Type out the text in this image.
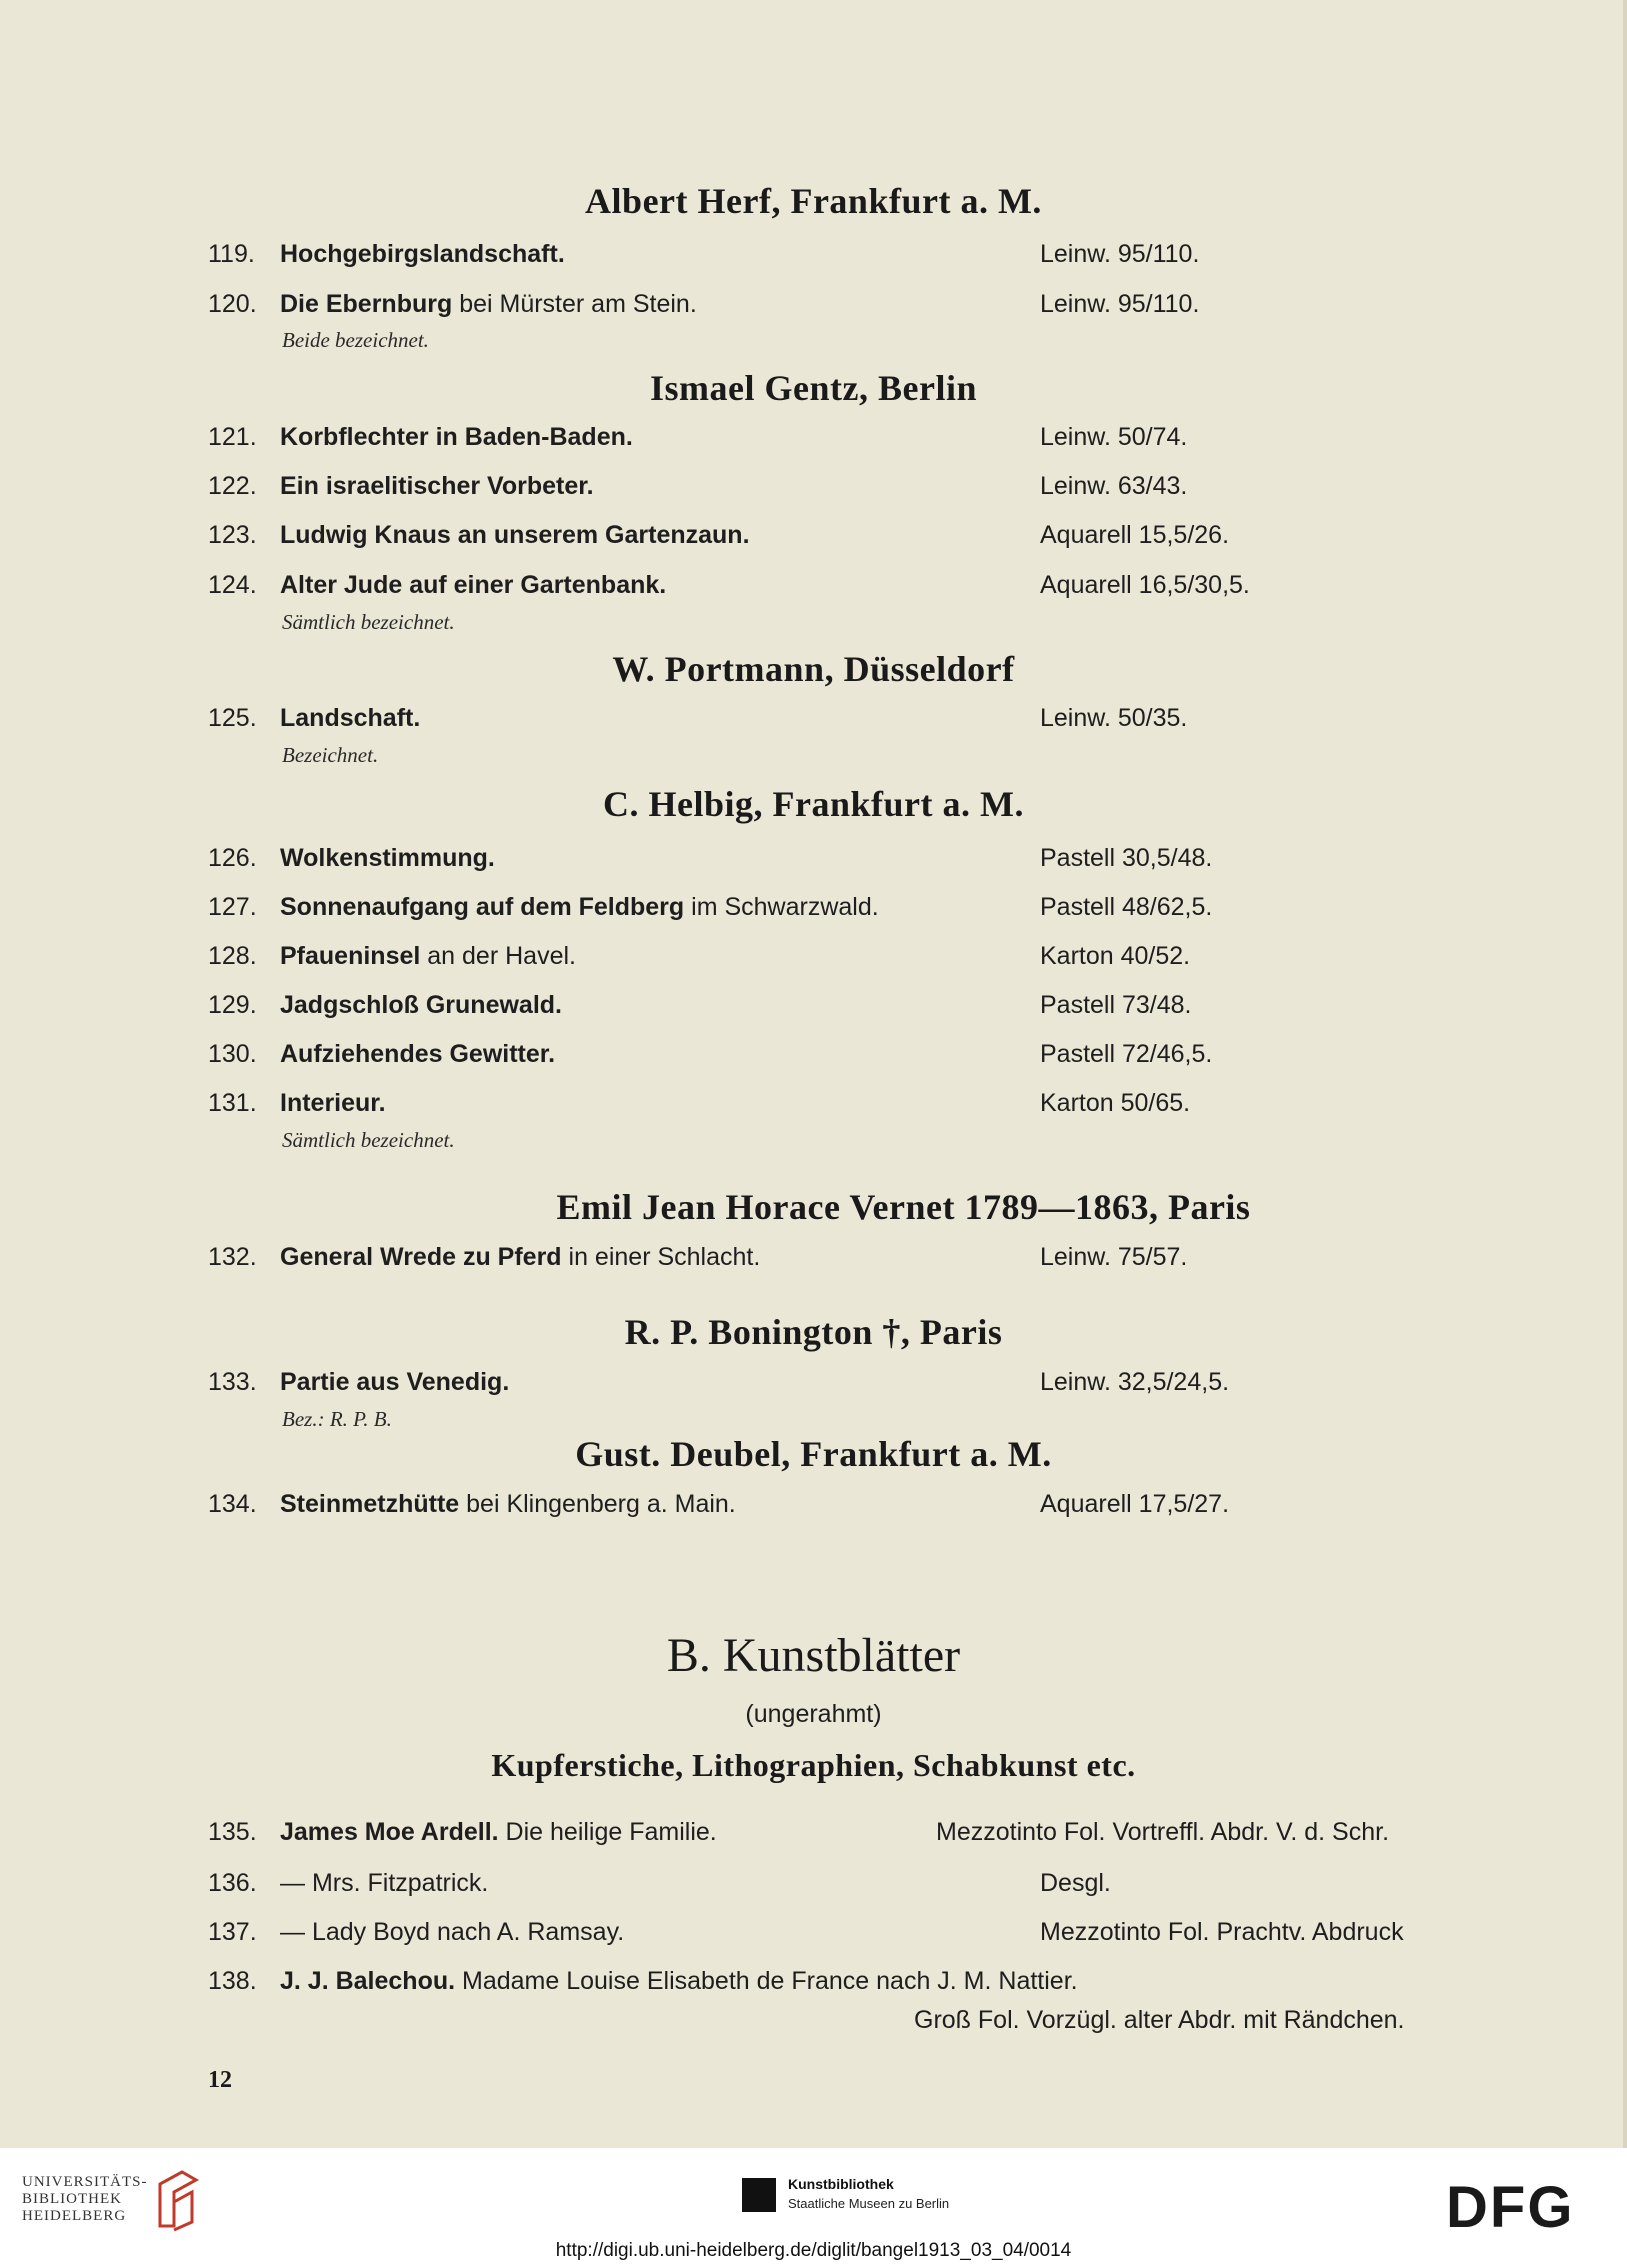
Albert Herf, Frankfurt a. M.
119. Hochgebirgslandschaft.	Leinw. 95/110.
120. Die Ebernburg bei Mürster am Stein.	Leinw. 95/110.
Beide bezeichnet.
Ismael Gentz, Berlin
121. Korbflechter in Baden-Baden.	Leinw. 50/74.
122. Ein israelitischer Vorbeter.	Leinw. 63/43.
123. Ludwig Knaus an unserem Gartenzaun.	Aquarell 15,5/26.
124. Alter Jude auf einer Gartenbank.	Aquarell 16,5/30,5.
Sämtlich bezeichnet.
W. Portmann, Düsseldorf
125. Landschaft.	Leinw. 50/35.
Bezeichnet.
C. Helbig, Frankfurt a. M.
126. Wolkenstimmung.	Pastell 30,5/48.
127. Sonnenaufgang auf dem Feldberg im Schwarzwald.	Pastell 48/62,5.
128. Pfaueninsel an der Havel.	Karton 40/52.
129. Jadgschloß Grunewald.	Pastell 73/48.
130. Aufziehendes Gewitter.	Pastell 72/46,5.
131. Interieur.	Karton 50/65.
Sämtlich bezeichnet.
Emil Jean Horace Vernet 1789—1863, Paris
132. General Wrede zu Pferd in einer Schlacht.	Leinw. 75/57.
R. P. Bonington †, Paris
133. Partie aus Venedig.	Leinw. 32,5/24,5.
Bez.: R. P. B.
Gust. Deubel, Frankfurt a. M.
134. Steinmetzhütte bei Klingenberg a. Main.	Aquarell 17,5/27.
B. Kunstblätter
(ungerahmt)
Kupferstiche, Lithographien, Schabkunst etc.
135. James Moe Ardell. Die heilige Familie.	Mezzotinto Fol. Vortreffl. Abdr. V. d. Schr.
136. — Mrs. Fitzpatrick.	Desgl.
137. — Lady Boyd nach A. Ramsay.	Mezzotinto Fol. Prachtv. Abdruck
138. J. J. Balechou. Madame Louise Elisabeth de France nach J. M. Nattier.
Groß Fol. Vorzügl. alter Abdr. mit Rändchen.
12
UNIVERSITÄTS-
BIBLIOTHEK
HEIDELBERG
Kunstbibliothek
Staatliche Museen zu Berlin	DFG
http://digi.ub.uni-heidelberg.de/diglit/bangel1913_03_04/0014
